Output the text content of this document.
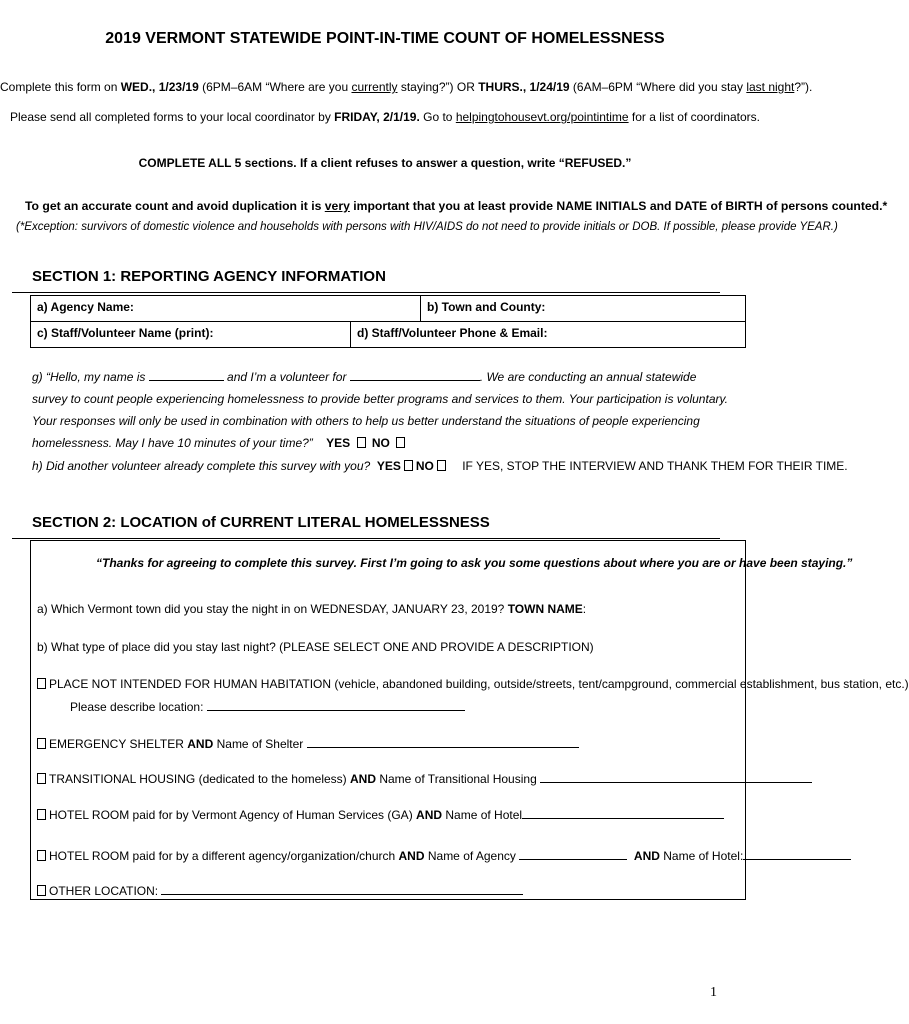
2019 VERMONT STATEWIDE POINT-IN-TIME COUNT OF HOMELESSNESS
Complete this form on WED., 1/23/19 (6PM–6AM “Where are you currently staying?”) OR THURS., 1/24/19 (6AM–6PM “Where did you stay last night?”).
Please send all completed forms to your local coordinator by FRIDAY, 2/1/19. Go to helpingtohousevt.org/pointintime for a list of coordinators.
COMPLETE ALL 5 sections. If a client refuses to answer a question, write “REFUSED.”
To get an accurate count and avoid duplication it is very important that you at least provide NAME INITIALS and DATE of BIRTH of persons counted.*
(*Exception: survivors of domestic violence and households with persons with HIV/AIDS do not need to provide initials or DOB. If possible, please provide YEAR.)
SECTION 1: REPORTING AGENCY INFORMATION
a) Agency Name:	b) Town and County:
c) Staff/Volunteer Name (print):	d) Staff/Volunteer Phone & Email:
g) “Hello, my name is	and I’m a volunteer for	. We are conducting an annual statewide survey to count people experiencing homelessness to provide better programs and services to them. Your participation is voluntary. Your responses will only be used in combination with others to help us better understand the situations of people experiencing homelessness. May I have 10 minutes of your time?” YES NO
h) Did another volunteer already complete this survey with you? YES NO IF YES, STOP THE INTERVIEW AND THANK THEM FOR THEIR TIME.
SECTION 2: LOCATION of CURRENT LITERAL HOMELESSNESS
“Thanks for agreeing to complete this survey. First I’m going to ask you some questions about where you are or have been staying.”
a) Which Vermont town did you stay the night in on WEDNESDAY, JANUARY 23, 2019? TOWN NAME:
b) What type of place did you stay last night? (PLEASE SELECT ONE AND PROVIDE A DESCRIPTION)
PLACE NOT INTENDED FOR HUMAN HABITATION (vehicle, abandoned building, outside/streets, tent/campground, commercial establishment, bus station, etc.)
Please describe location:
EMERGENCY SHELTER AND Name of Shelter
TRANSITIONAL HOUSING (dedicated to the homeless) AND Name of Transitional Housing
HOTEL ROOM paid for by Vermont Agency of Human Services (GA) AND Name of Hotel
HOTEL ROOM paid for by a different agency/organization/church AND Name of Agency	AND Name of Hotel:
OTHER LOCATION:
1
